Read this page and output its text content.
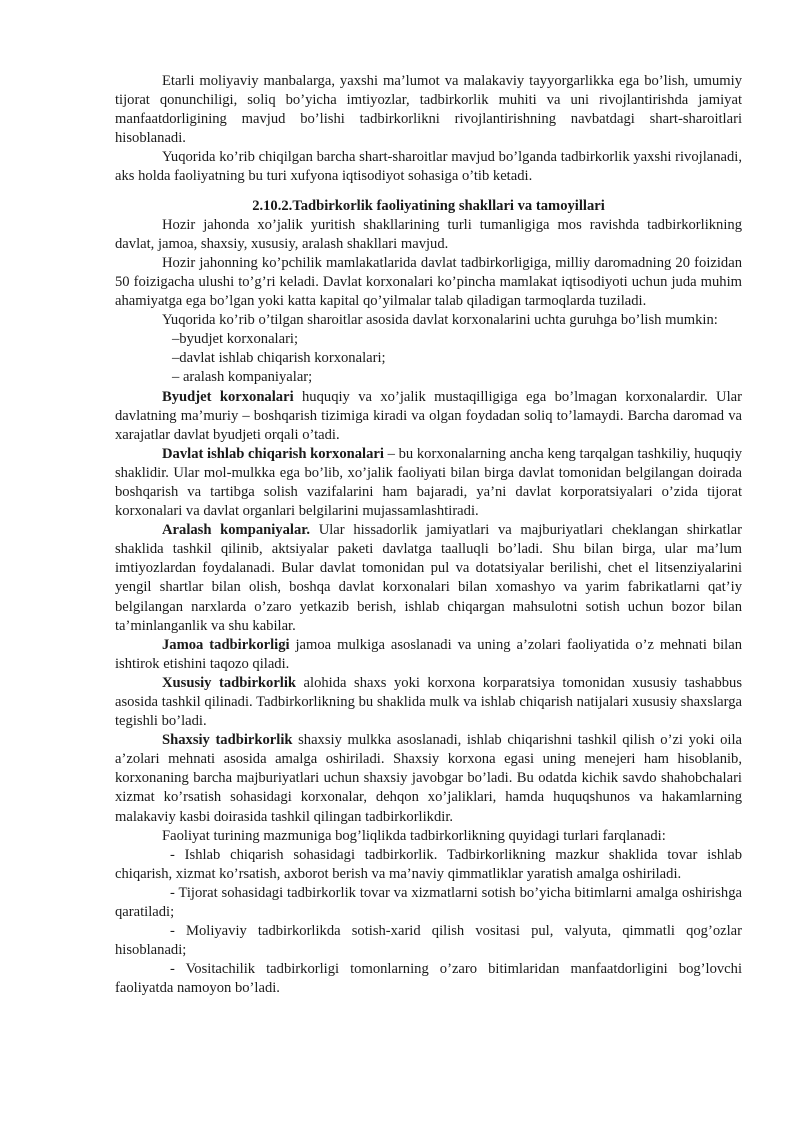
Etarli moliyaviy manbalarga, yaxshi ma’lumot va malakaviy tayyorgarlikka ega bo’lish, umumiy tijorat qonunchiligi, soliq bo’yicha imtiyozlar, tadbirkorlik muhiti va uni rivojlantirishda jamiyat manfaatdorligining mavjud bo’lishi tadbirkorlikni rivojlantirishning navbatdagi shart-sharoitlari hisoblanadi.

Yuqorida ko’rib chiqilgan barcha shart-sharoitlar mavjud bo’lganda tadbirkorlik yaxshi rivojlanadi, aks holda faoliyatning bu turi xufyona iqtisodiyot sohasiga o’tib ketadi.

2.10.2.Tadbirkorlik faoliyatining shakllari va tamoyillari

Hozir jahonda xo’jalik yuritish shakllarining turli tumanligiga mos ravishda tadbirkorlikning davlat, jamoa, shaxsiy, xususiy, aralash shakllari mavjud.

Hozir jahonning ko’pchilik mamlakatlarida davlat tadbirkorligiga, milliy daromadning 20 foizidan 50 foizigacha ulushi to’g’ri keladi. Davlat korxonalari ko’pincha mamlakat iqtisodiyoti uchun juda muhim ahamiyatga ega bo’lgan yoki katta kapital qo’yilmalar talab qiladigan tarmoqlarda tuziladi.

Yuqorida ko’rib o’tilgan sharoitlar asosida davlat korxonalarini uchta guruhga bo’lish mumkin:

–byudjet korxonalari;

–davlat ishlab chiqarish korxonalari;

– aralash kompaniyalar;

Byudjet korxonalari huquqiy va xo’jalik mustaqilligiga ega bo’lmagan korxonalardir. Ular davlatning ma’muriy – boshqarish tizimiga kiradi va olgan foydadan soliq to’lamaydi. Barcha daromad va xarajatlar davlat byudjeti orqali o’tadi.

Davlat ishlab chiqarish korxonalari – bu korxonalarning ancha keng tarqalgan tashkiliy, huquqiy shaklidir. Ular mol-mulkka ega bo’lib, xo’jalik faoliyati bilan birga davlat tomonidan belgilangan doirada boshqarish va tartibga solish vazifalarini ham bajaradi, ya’ni davlat korporatsiyalari o’zida tijorat korxonalari va davlat organlari belgilarini mujassamlashtiradi.

Aralash kompaniyalar. Ular hissadorlik jamiyatlari va majburiyatlari cheklangan shirkatlar shaklida tashkil qilinib, aktsiyalar paketi davlatga taalluqli bo’ladi. Shu bilan birga, ular ma’lum imtiyozlardan foydalanadi. Bular davlat tomonidan pul va dotatsiyalar berilishi, chet el litsenziyalarini yengil shartlar bilan olish, boshqa davlat korxonalari bilan xomashyo va yarim fabrikatlarni qat’iy belgilangan narxlarda o’zaro yetkazib berish, ishlab chiqargan mahsulotni sotish uchun bozor bilan ta’minlanganlik va shu kabilar.

Jamoa tadbirkorligi jamoa mulkiga asoslanadi va uning a’zolari faoliyatida o’z mehnati bilan ishtirok etishini taqozo qiladi.

Xususiy tadbirkorlik alohida shaxs yoki korxona korparatsiya tomonidan xususiy tashabbus asosida tashkil qilinadi. Tadbirkorlikning bu shaklida mulk va ishlab chiqarish natijalari xususiy shaxslarga tegishli bo’ladi.

Shaxsiy tadbirkorlik shaxsiy mulkka asoslanadi, ishlab chiqarishni tashkil qilish o’zi yoki oila a’zolari mehnati asosida amalga oshiriladi. Shaxsiy korxona egasi uning menejeri ham hisoblanib, korxonaning barcha majburiyatlari uchun shaxsiy javobgar bo’ladi. Bu odatda kichik savdo shahobchalari xizmat ko’rsatish sohasidagi korxonalar, dehqon xo’jaliklari, hamda huquqshunos va hakamlarning malakaviy kasbi doirasida tashkil qilingan tadbirkorlikdir.

Faoliyat turining mazmuniga bog’liqlikda tadbirkorlikning quyidagi turlari farqlanadi:

- Ishlab chiqarish sohasidagi tadbirkorlik. Tadbirkorlikning mazkur shaklida tovar ishlab chiqarish, xizmat ko’rsatish, axborot berish va ma’naviy qimmatliklar yaratish amalga oshiriladi.

- Tijorat sohasidagi tadbirkorlik tovar va xizmatlarni sotish bo’yicha bitimlarni amalga oshirishga qaratiladi;

- Moliyaviy tadbirkorlikda sotish-xarid qilish vositasi pul, valyuta, qimmatli qog’ozlar hisoblanadi;

- Vositachilik tadbirkorligi tomonlarning o’zaro bitimlaridan manfaatdorligini bog’lovchi faoliyatda namoyon bo’ladi.
